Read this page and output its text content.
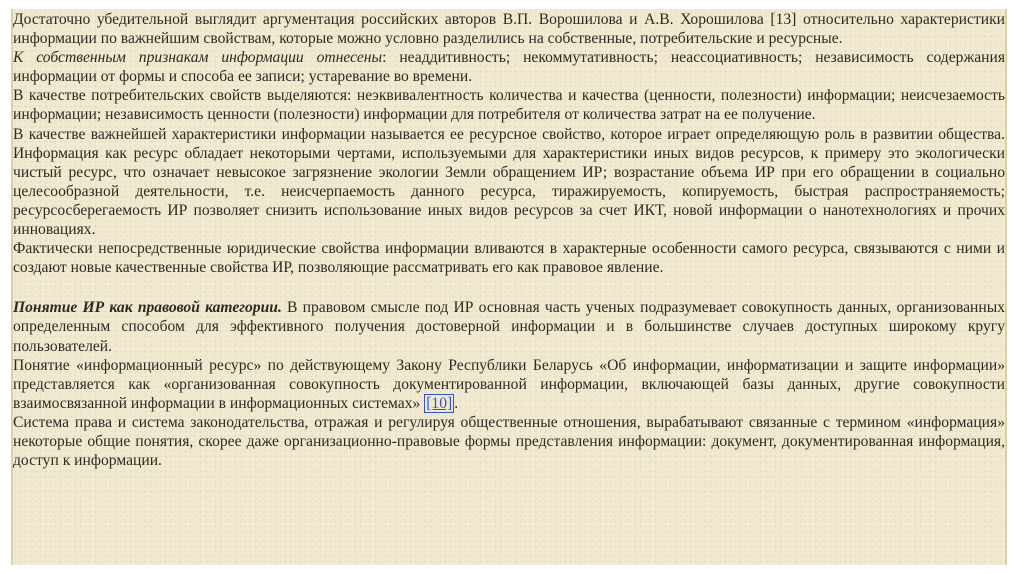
Достаточно убедительной выглядит аргументация российских авторов В.П. Ворошилова и А.В. Хорошилова [13] относительно характеристики информации по важнейшим свойствам, которые можно условно разделились на собственные, потребительские и ресурсные.

К собственным признакам информации отнесены: неаддитивность; некоммутативность; неассоциативность; независимость содержания информации от формы и способа ее записи; устаревание во времени.

В качестве потребительских свойств выделяются: неэквивалентность количества и качества (ценности, полезности) информации; неисчезаемость информации; независимость ценности (полезности) информации для потребителя от количества затрат на ее получение.

В качестве важнейшей характеристики информации называется ее ресурсное свойство, которое играет определяющую роль в развитии общества. Информация как ресурс обладает некоторыми чертами, используемыми для характеристики иных видов ресурсов, к примеру это экологически чистый ресурс, что означает невысокое загрязнение экологии Земли обращением ИР; возрастание объема ИР при его обращении в социально целесообразной деятельности, т.е. неисчерпаемость данного ресурса, тиражируемость, копируемость, быстрая распространяемость; ресурсосберегаемость ИР позволяет снизить использование иных видов ресурсов за счет ИКТ, новой информации о нанотехнологиях и прочих инновациях.

Фактически непосредственные юридические свойства информации вливаются в характерные особенности самого ресурса, связываются с ними и создают новые качественные свойства ИР, позволяющие рассматривать его как правовое явление.

Понятие ИР как правовой категории. В правовом смысле под ИР основная часть ученых подразумевает совокупность данных, организованных определенным способом для эффективного получения достоверной информации и в большинстве случаев доступных широкому кругу пользователей.

Понятие «информационный ресурс» по действующему Закону Республики Беларусь «Об информации, информатизации и защите информации» представляется как «организованная совокупность документированной информации, включающей базы данных, другие совокупности взаимосвязанной информации в информационных системах» [10] .

Система права и система законодательства, отражая и регулируя общественные отношения, вырабатывают связанные с термином «информация» некоторые общие понятия, скорее даже организационно-правовые формы представления информации: документ, документированная информация, доступ к информации.
